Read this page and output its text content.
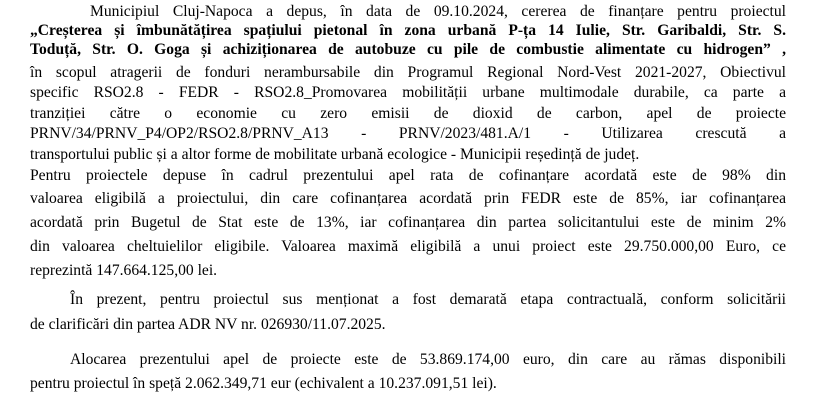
Municipiul Cluj-Napoca a depus, în data de 09.10.2024, cererea de finanțare pentru proiectul
„Creșterea și îmbunătățirea spațiului pietonal în zona urbană P-ța 14 Iulie, Str. Garibaldi, Str. S.
Toduță, Str. O. Goga și achiziționarea de autobuze cu pile de combustie alimentate cu hidrogen” ,
în scopul atragerii de fonduri nerambursabile din Programul Regional Nord-Vest 2021-2027, Obiectivul
specific RSO2.8 - FEDR - RSO2.8_Promovarea mobilității urbane multimodale durabile, ca parte a
tranziției către o economie cu zero emisii de dioxid de carbon, apel de proiecte
PRNV/34/PRNV_P4/OP2/RSO2.8/PRNV_A13 - PRNV/2023/481.A/1 - Utilizarea crescută a
transportului public și a altor forme de mobilitate urbană ecologice - Municipii reședință de județ.
Pentru proiectele depuse în cadrul prezentului apel rata de cofinanțare acordată este de 98% din
valoarea eligibilă a proiectului, din care cofinanțarea acordată prin FEDR este de 85%, iar cofinanțarea
acordată prin Bugetul de Stat este de 13%, iar cofinanțarea din partea solicitantului este de minim 2%
din valoarea cheltuielilor eligibile. Valoarea maximă eligibilă a unui proiect este 29.750.000,00 Euro, ce
reprezintă 147.664.125,00 lei.
În prezent, pentru proiectul sus menționat a fost demarată etapa contractuală, conform solicitării
de clarificări din partea ADR NV nr. 026930/11.07.2025.
Alocarea prezentului apel de proiecte este de 53.869.174,00 euro, din care au rămas disponibili
pentru proiectul în speță 2.062.349,71 eur (echivalent a 10.237.091,51 lei).
